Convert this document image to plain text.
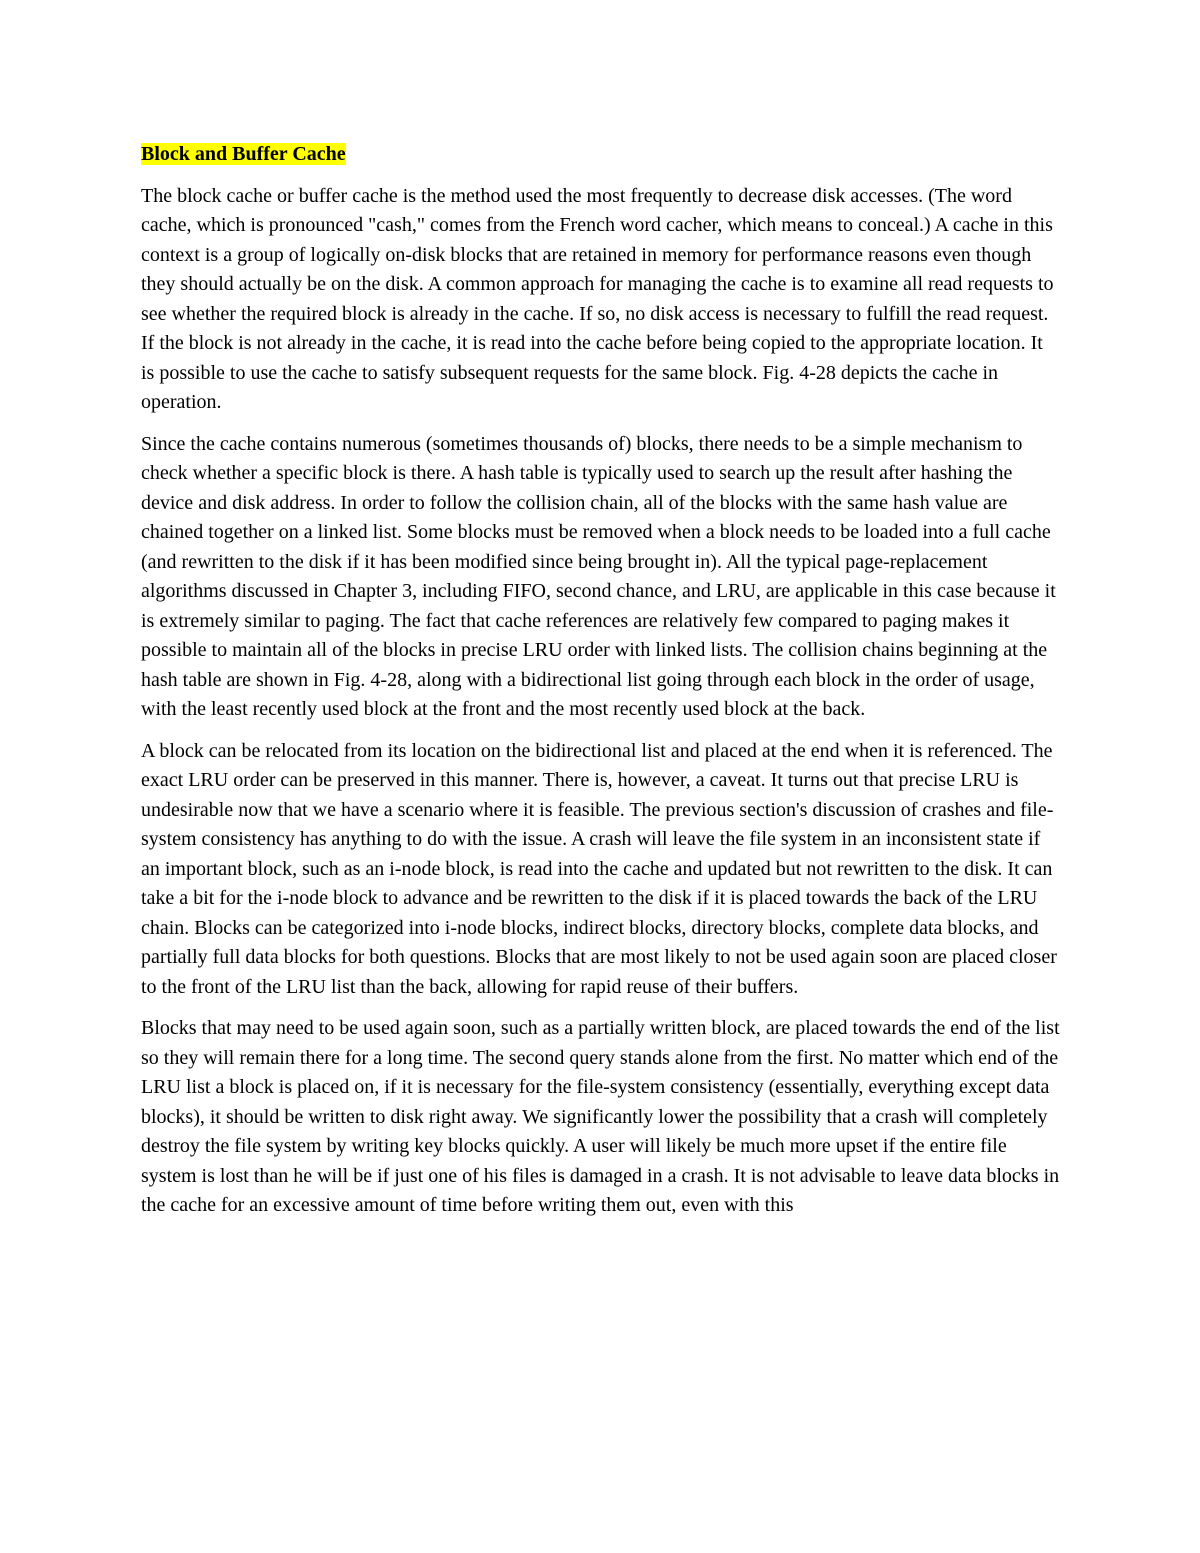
Block and Buffer Cache

The block cache or buffer cache is the method used the most frequently to decrease disk accesses. (The word cache, which is pronounced "cash," comes from the French word cacher, which means to conceal.) A cache in this context is a group of logically on-disk blocks that are retained in memory for performance reasons even though they should actually be on the disk. A common approach for managing the cache is to examine all read requests to see whether the required block is already in the cache. If so, no disk access is necessary to fulfill the read request. If the block is not already in the cache, it is read into the cache before being copied to the appropriate location. It is possible to use the cache to satisfy subsequent requests for the same block. Fig. 4-28 depicts the cache in operation.

Since the cache contains numerous (sometimes thousands of) blocks, there needs to be a simple mechanism to check whether a specific block is there. A hash table is typically used to search up the result after hashing the device and disk address. In order to follow the collision chain, all of the blocks with the same hash value are chained together on a linked list. Some blocks must be removed when a block needs to be loaded into a full cache (and rewritten to the disk if it has been modified since being brought in). All the typical page-replacement algorithms discussed in Chapter 3, including FIFO, second chance, and LRU, are applicable in this case because it is extremely similar to paging. The fact that cache references are relatively few compared to paging makes it possible to maintain all of the blocks in precise LRU order with linked lists. The collision chains beginning at the hash table are shown in Fig. 4-28, along with a bidirectional list going through each block in the order of usage, with the least recently used block at the front and the most recently used block at the back.

A block can be relocated from its location on the bidirectional list and placed at the end when it is referenced. The exact LRU order can be preserved in this manner. There is, however, a caveat. It turns out that precise LRU is undesirable now that we have a scenario where it is feasible. The previous section's discussion of crashes and file-system consistency has anything to do with the issue. A crash will leave the file system in an inconsistent state if an important block, such as an i-node block, is read into the cache and updated but not rewritten to the disk. It can take a bit for the i-node block to advance and be rewritten to the disk if it is placed towards the back of the LRU chain. Blocks can be categorized into i-node blocks, indirect blocks, directory blocks, complete data blocks, and partially full data blocks for both questions. Blocks that are most likely to not be used again soon are placed closer to the front of the LRU list than the back, allowing for rapid reuse of their buffers.

Blocks that may need to be used again soon, such as a partially written block, are placed towards the end of the list so they will remain there for a long time. The second query stands alone from the first. No matter which end of the LRU list a block is placed on, if it is necessary for the file-system consistency (essentially, everything except data blocks), it should be written to disk right away. We significantly lower the possibility that a crash will completely destroy the file system by writing key blocks quickly. A user will likely be much more upset if the entire file system is lost than he will be if just one of his files is damaged in a crash. It is not advisable to leave data blocks in the cache for an excessive amount of time before writing them out, even with this
